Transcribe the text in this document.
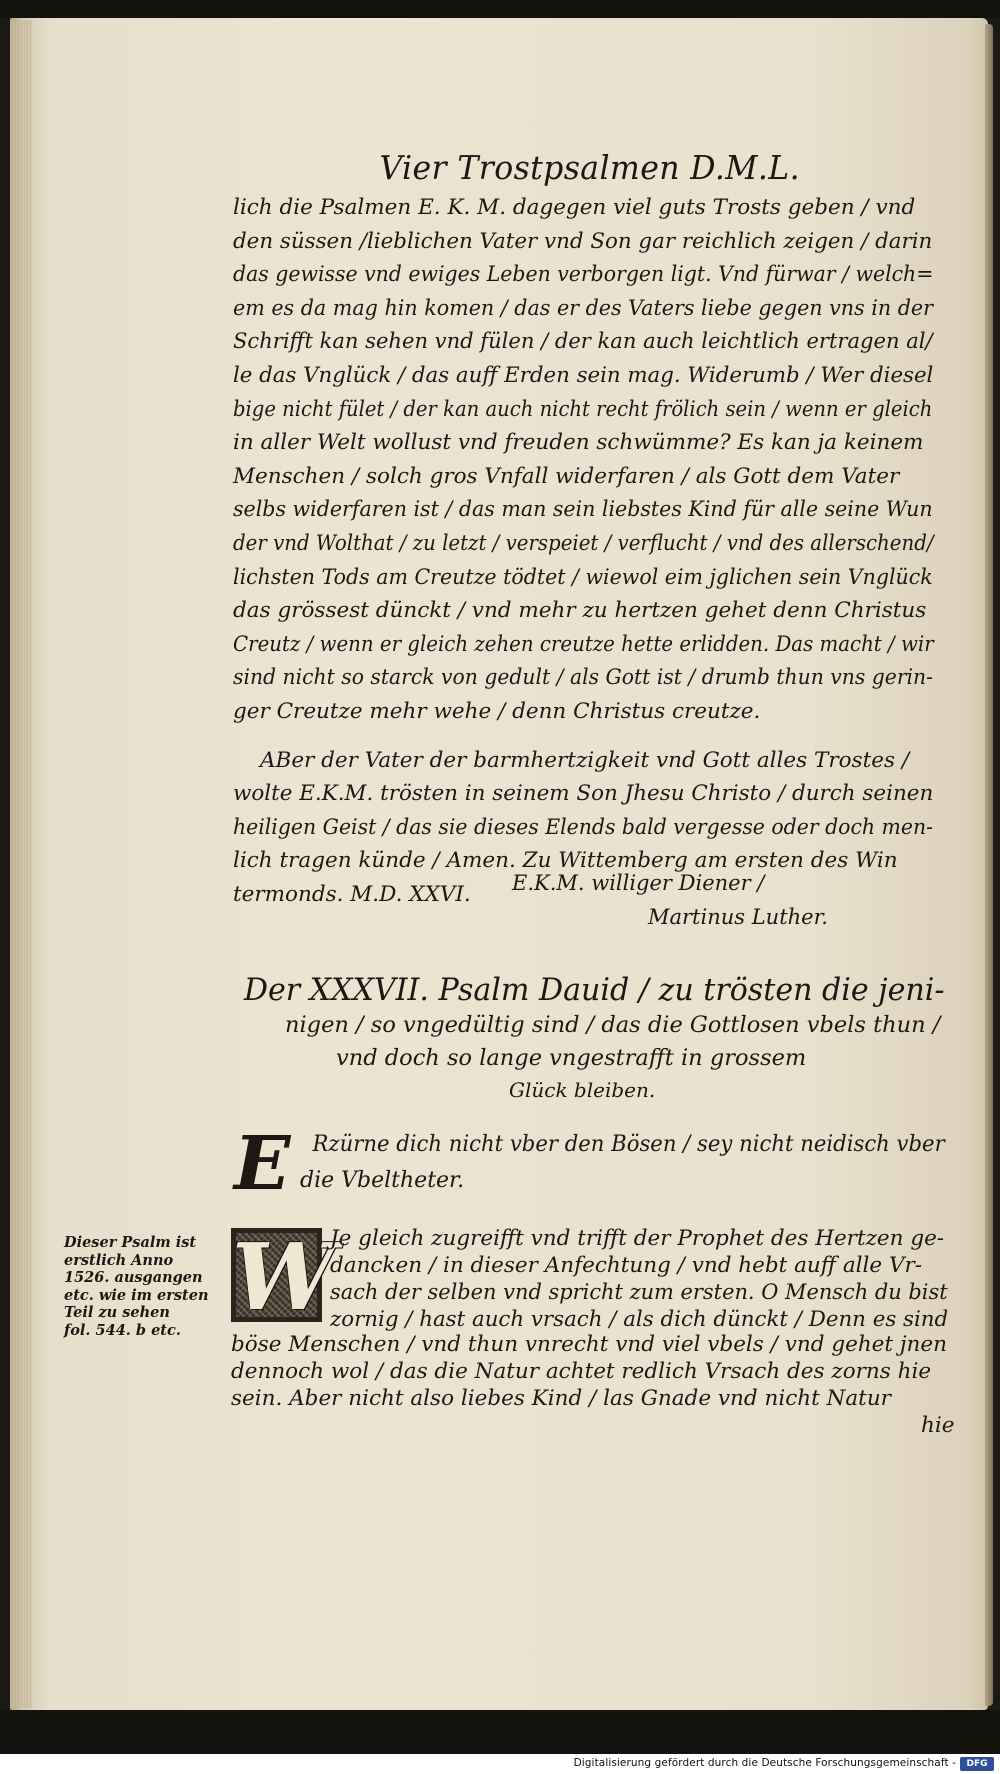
Vier Trostpsalmen D.M.L.
lich die Psalmen E. K. M. dagegen viel guts Trosts geben / vnd
den süssen /lieblichen Vater vnd Son gar reichlich zeigen / darin
das gewisse vnd ewiges Leben verborgen ligt. Vnd fürwar / welch=
em es da mag hin komen / das er des Vaters liebe gegen vns in der
Schrifft kan sehen vnd fülen / der kan auch leichtlich ertragen al/
le das Vnglück / das auff Erden sein mag. Widerumb / Wer diesel
bige nicht fület / der kan auch nicht recht frölich sein / wenn er gleich
in aller Welt wollust vnd freuden schwümme? Es kan ja keinem
Menschen / solch gros Vnfall widerfaren / als Gott dem Vater
selbs widerfaren ist / das man sein liebstes Kind für alle seine Wun
der vnd Wolthat / zu letzt / verspeiet / verflucht / vnd des allerschend/
lichsten Tods am Creutze tödtet / wiewol eim jglichen sein Vnglück
das grössest dünckt / vnd mehr zu hertzen gehet denn Christus
Creutz / wenn er gleich zehen creutze hette erlidden. Das macht / wir
sind nicht so starck von gedult / als Gott ist / drumb thun vns gerin-
ger Creutze mehr wehe / denn Christus creutze.
ABer der Vater der barmhertzigkeit vnd Gott alles Trostes /
wolte E.K.M. trösten in seinem Son Jhesu Christo / durch seinen
heiligen Geist / das sie dieses Elends bald vergesse oder doch men-
lich tragen künde / Amen. Zu Wittemberg am ersten des Win
termonds. M.D. XXVI. E.K.M. williger Diener /
Martinus Luther.
Der XXXVII. Psalm Dauid / zu trösten die jeni-
nigen / so vngedültig sind / das die Gottlosen vbels thun /
vnd doch so lange vngestrafft in grossem
Glück bleiben.
E Rzürne dich nicht vber den Bösen / sey nicht neidisch vber
die Vbeltheter.
Dieser Psalm ist
erstlich Anno
1526. ausgangen
etc. wie im ersten
Teil zu sehen
fol. 544. b etc. W
Je gleich zugreifft vnd trifft der Prophet des Hertzen ge-
dancken / in dieser Anfechtung / vnd hebt auff alle Vr-
sach der selben vnd spricht zum ersten. O Mensch du bist
zornig / hast auch vrsach / als dich dünckt / Denn es sind
böse Menschen / vnd thun vnrecht vnd viel vbels / vnd gehet jnen
dennoch wol / das die Natur achtet redlich Vrsach des zorns hie
sein. Aber nicht also liebes Kind / las Gnade vnd nicht Natur
hie
Digitalisierung gefördert durch die Deutsche Forschungsgemeinschaft -	DFG
